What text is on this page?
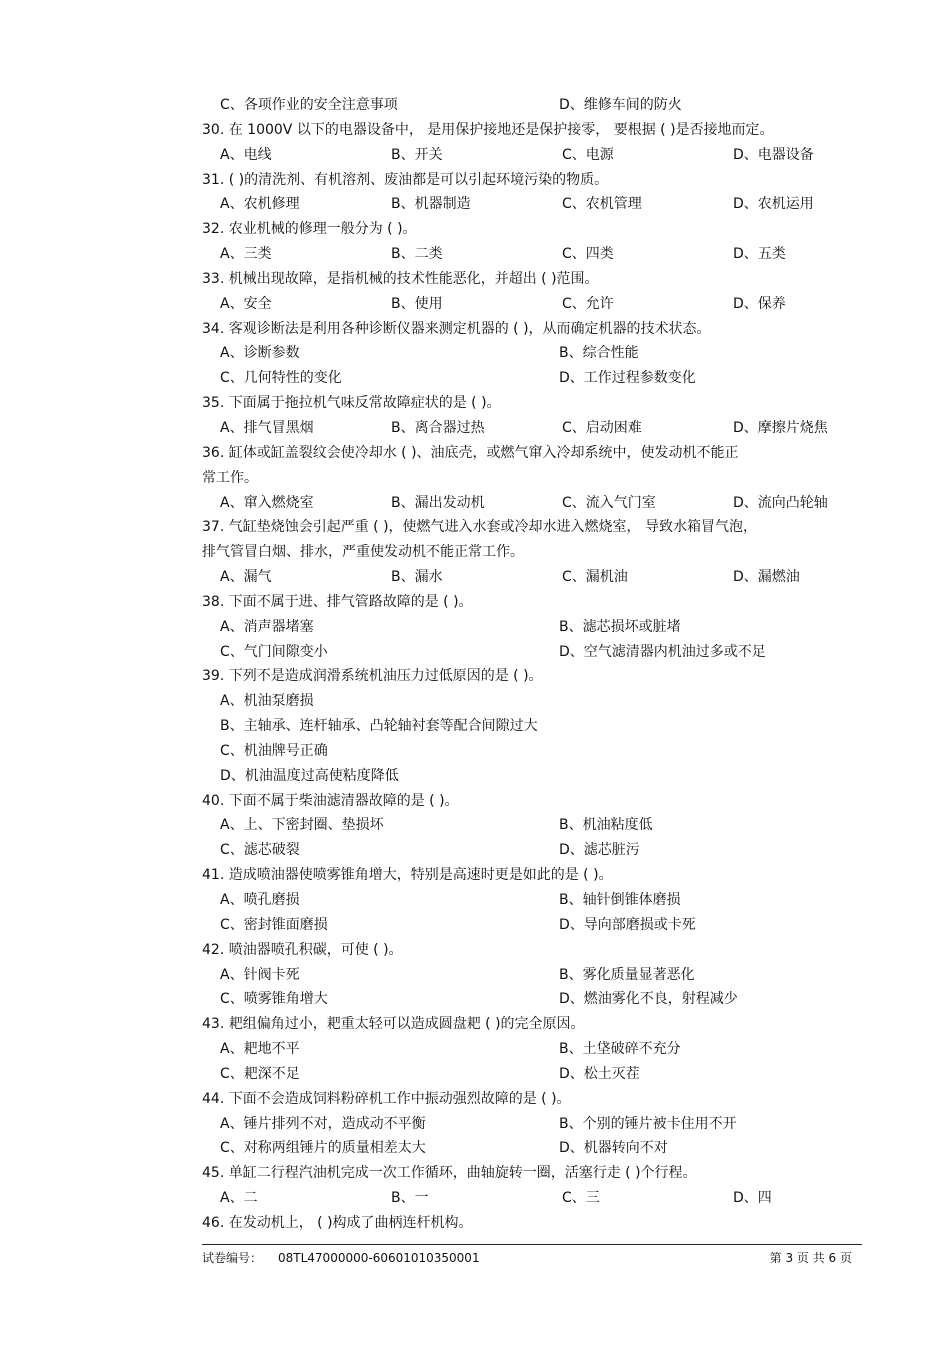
C、各项作业的安全注意事项	D、维修车间的防火
30. 在 1000V 以下的电器设备中， 是用保护接地还是保护接零， 要根据 ( )是否接地而定。
A、电线	B、开关	C、电源	D、电器设备
31. ( )的清洗剂、有机溶剂、废油都是可以引起环境污染的物质。
A、农机修理	B、机器制造	C、农机管理	D、农机运用
32. 农业机械的修理一般分为 ( )。
A、三类	B、二类	C、四类	D、五类
33. 机械出现故障，是指机械的技术性能恶化，并超出 ( )范围。
A、安全	B、使用	C、允许	D、保养
34. 客观诊断法是利用各种诊断仪器来测定机器的 ( )，从而确定机器的技术状态。
A、诊断参数	B、综合性能
C、几何特性的变化	D、工作过程参数变化
35. 下面属于拖拉机气味反常故障症状的是 ( )。
A、排气冒黑烟	B、离合器过热	C、启动困难	D、摩擦片烧焦
36. 缸体或缸盖裂纹会使冷却水 ( )、油底壳，或燃气窜入冷却系统中，使发动机不能正
常工作。
A、窜入燃烧室	B、漏出发动机	C、流入气门室	D、流向凸轮轴
37. 气缸垫烧蚀会引起严重 ( )，使燃气进入水套或冷却水进入燃烧室， 导致水箱冒气泡，
排气管冒白烟、排水，严重使发动机不能正常工作。
A、漏气	B、漏水	C、漏机油	D、漏燃油
38. 下面不属于进、排气管路故障的是 ( )。
A、消声器堵塞	B、滤芯损坏或脏堵
C、气门间隙变小	D、空气滤清器内机油过多或不足
39. 下列不是造成润滑系统机油压力过低原因的是 ( )。
A、机油泵磨损
B、主轴承、连杆轴承、凸轮轴衬套等配合间隙过大
C、机油牌号正确
D、机油温度过高使粘度降低
40. 下面不属于柴油滤清器故障的是 ( )。
A、上、下密封圈、垫损坏	B、机油粘度低
C、滤芯破裂	D、滤芯脏污
41. 造成喷油器使喷雾锥角增大，特别是高速时更是如此的是 ( )。
A、喷孔磨损	B、轴针倒锥体磨损
C、密封锥面磨损	D、导向部磨损或卡死
42. 喷油器喷孔积碳，可使 ( )。
A、针阀卡死	B、雾化质量显著恶化
C、喷雾锥角增大	D、燃油雾化不良，射程减少
43. 耙组偏角过小，耙重太轻可以造成圆盘耙 ( )的完全原因。
A、耙地不平	B、土垡破碎不充分
C、耙深不足	D、松土灭茬
44. 下面不会造成饲料粉碎机工作中振动强烈故障的是 ( )。
A、锤片排列不对，造成动不平衡	B、个别的锤片被卡住用不开
C、对称两组锤片的质量相差太大	D、机器转向不对
45. 单缸二行程汽油机完成一次工作循环，曲轴旋转一圈，活塞行走 ( )个行程。
A、二	B、一	C、三	D、四
46. 在发动机上， ( )构成了曲柄连杆机构。
试卷编号： 08TL47000000-60601010350001	第 3 页 共 6 页
